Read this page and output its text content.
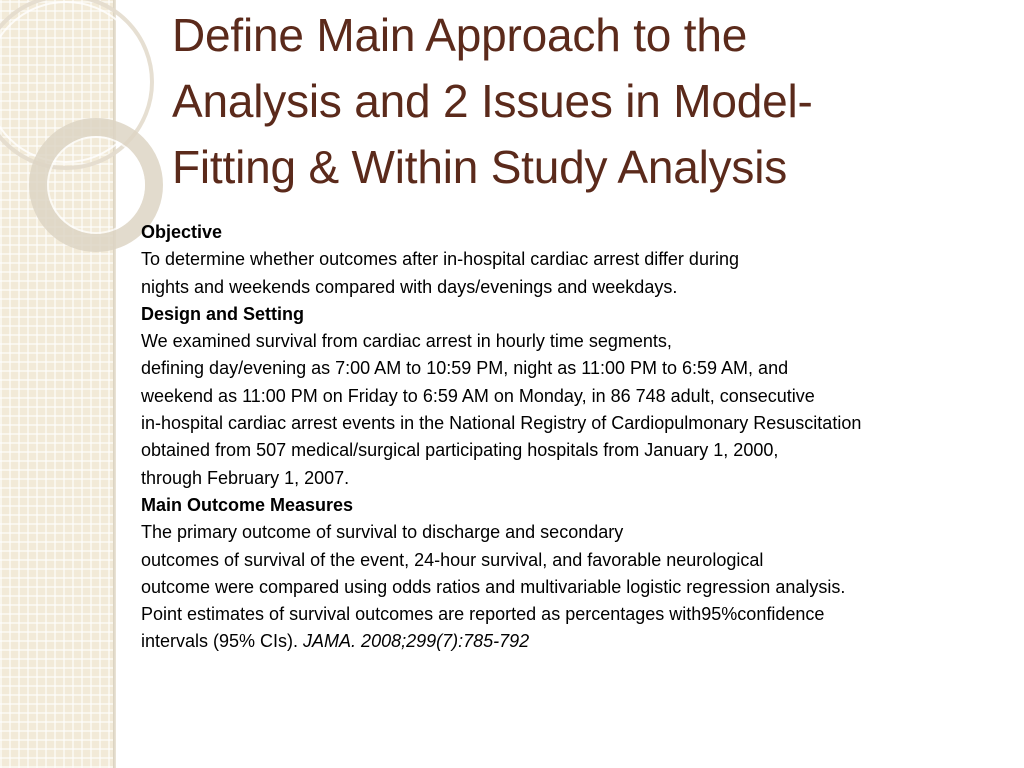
Define Main Approach to the
Analysis and 2 Issues in Model-
Fitting & Within Study Analysis
Objective
To determine whether outcomes after in-hospital cardiac arrest differ during
nights and weekends compared with days/evenings and weekdays.
Design and Setting
We examined survival from cardiac arrest in hourly time segments,
defining day/evening as 7:00 AM to 10:59 PM, night as 11:00 PM to 6:59 AM, and
weekend as 11:00 PM on Friday to 6:59 AM on Monday, in 86 748 adult, consecutive
in-hospital cardiac arrest events in the National Registry of Cardiopulmonary Resuscitation
obtained from 507 medical/surgical participating hospitals from January 1, 2000,
through February 1, 2007.
Main Outcome Measures
The primary outcome of survival to discharge and secondary
outcomes of survival of the event, 24-hour survival, and favorable neurological
outcome were compared using odds ratios and multivariable logistic regression analysis.
Point estimates of survival outcomes are reported as percentages with95%confidence
intervals (95% CIs). JAMA. 2008;299(7):785-792
